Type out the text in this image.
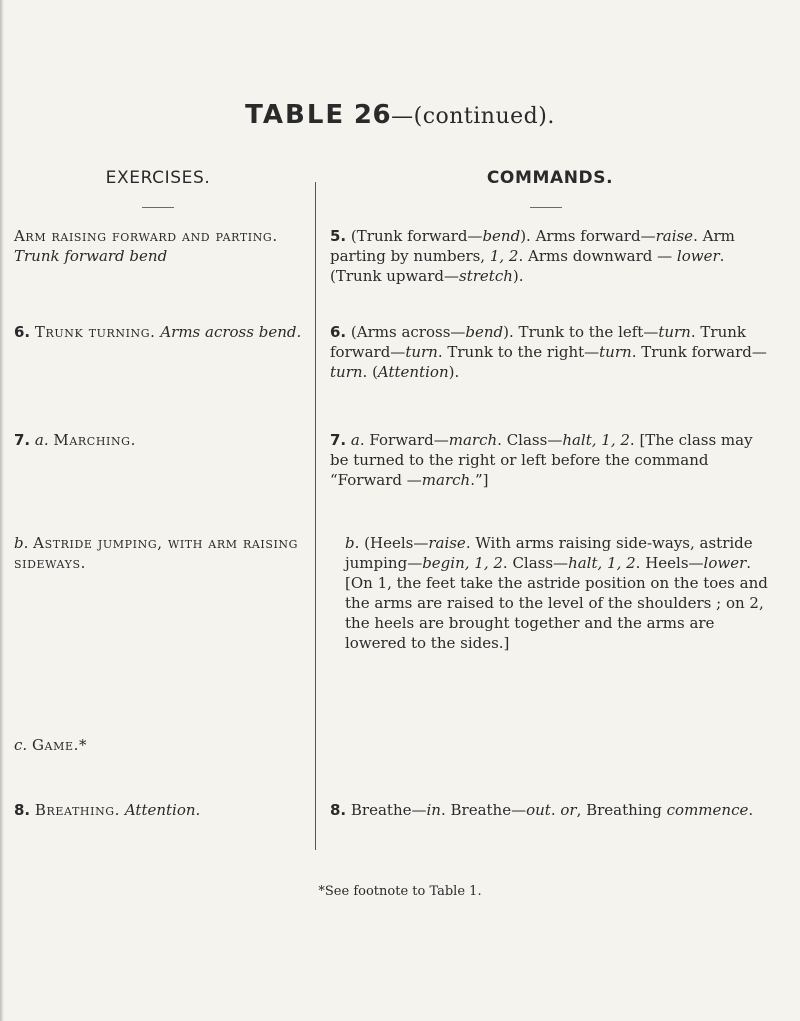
TABLE 26—(continued).
EXERCISES.	COMMANDS.
Arm raising forward and parting. Trunk forward bend
6. Trunk turning. Arms across bend.
7. a. Marching.
b. Astride jumping, with arm raising sideways.
c. Game.*
8. Breathing. Attention.
5. (Trunk forward—bend). Arms forward—raise. Arm parting by numbers, 1, 2. Arms downward — lower. (Trunk upward—stretch).
6. (Arms across—bend). Trunk to the left—turn. Trunk forward—turn. Trunk to the right—turn. Trunk forward—turn. (Attention).
7. a. Forward—march. Class—halt, 1, 2. [The class may be turned to the right or left before the command “Forward —march.”]
b. (Heels—raise. With arms raising side-ways, astride jumping—begin, 1, 2. Class—halt, 1, 2. Heels—lower. [On 1, the feet take the astride position on the toes and the arms are raised to the level of the shoulders ; on 2, the heels are brought together and the arms are lowered to the sides.]
8. Breathe—in. Breathe—out. or, Breathing commence.
*See footnote to Table 1.
